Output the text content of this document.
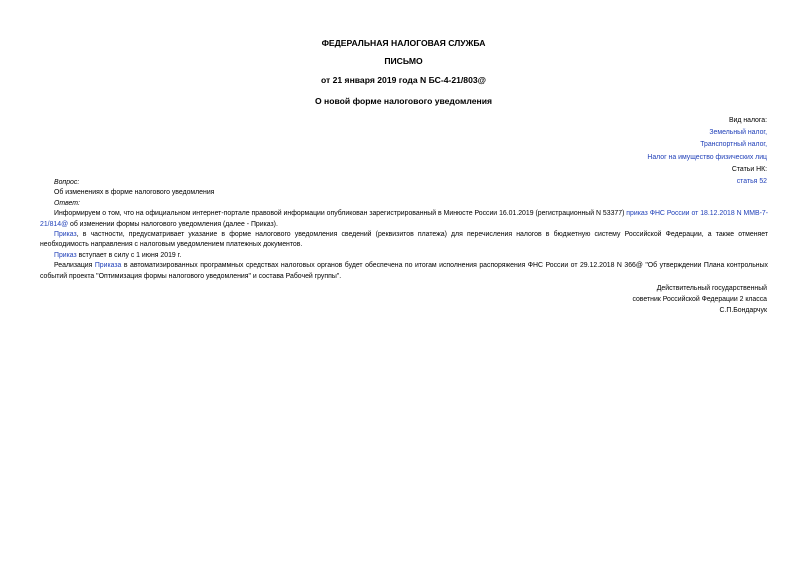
ФЕДЕРАЛЬНАЯ НАЛОГОВАЯ СЛУЖБА
ПИСЬМО
от 21 января 2019 года N БС-4-21/803@
О новой форме налогового уведомления
Вид налога:
Земельный налог,
Транспортный налог,
Налог на имущество физических лиц
Статьи НК:
статья 52

Вопрос:

Об изменениях в форме налогового уведомления

Ответ:

Информируем о том, что на официальном интернет-портале правовой информации опубликован зарегистрированный в Минюсте России 16.01.2019 (регистрационный N 53377) приказ ФНС России от 18.12.2018 N ММВ-7-21/814@ об изменении формы налогового уведомления (далее - Приказ).

Приказ, в частности, предусматривает указание в форме налогового уведомления сведений (реквизитов платежа) для перечисления налогов в бюджетную систему Российской Федерации, а также отменяет необходимость направления с налоговым уведомлением платежных документов.

Приказ вступает в силу с 1 июня 2019 г.

Реализация Приказа в автоматизированных программных средствах налоговых органов будет обеспечена по итогам исполнения распоряжения ФНС России от 29.12.2018 N 366@ "Об утверждении Плана контрольных событий проекта "Оптимизация формы налогового уведомления" и состава Рабочей группы".

Действительный государственный
советник Российской Федерации 2 класса
С.П.Бондарчук
